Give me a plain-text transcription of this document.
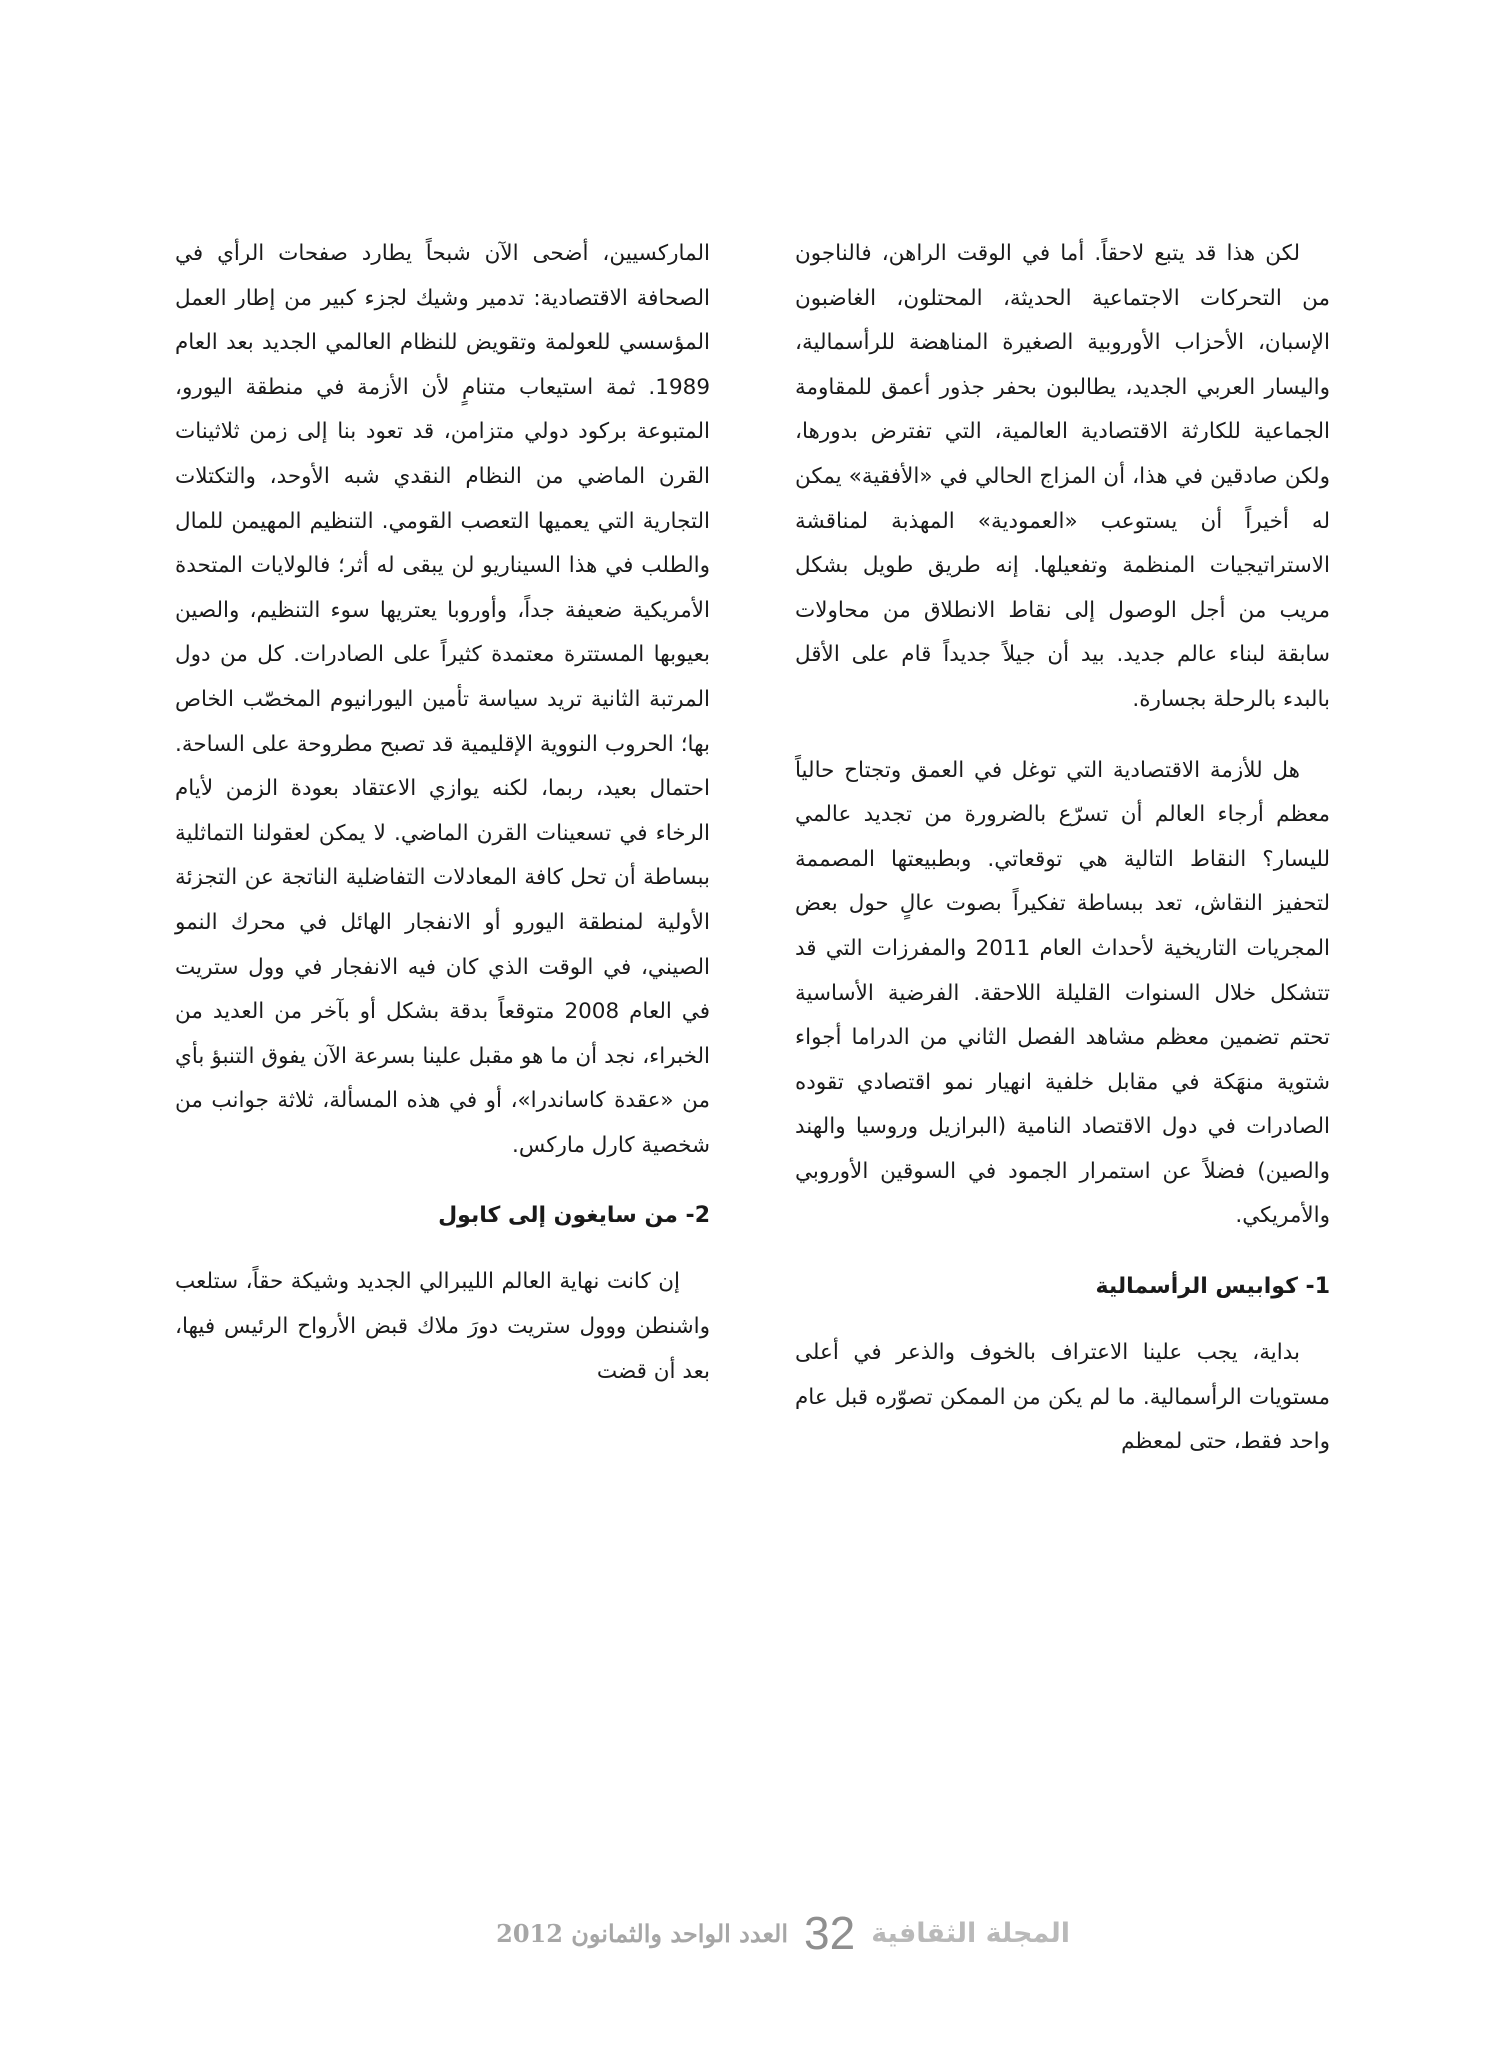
لكن هذا قد يتبع لاحقاً. أما في الوقت الراهن، فالناجون من التحركات الاجتماعية الحديثة، المحتلون، الغاضبون الإسبان، الأحزاب الأوروبية الصغيرة المناهضة للرأسمالية، واليسار العربي الجديد، يطالبون بحفر جذور أعمق للمقاومة الجماعية للكارثة الاقتصادية العالمية، التي تفترض بدورها، ولكن صادقين في هذا، أن المزاج الحالي في «الأفقية» يمكن له أخيراً أن يستوعب «العمودية» المهذبة لمناقشة الاستراتيجيات المنظمة وتفعيلها. إنه طريق طويل بشكل مريب من أجل الوصول إلى نقاط الانطلاق من محاولات سابقة لبناء عالم جديد. بيد أن جيلاً جديداً قام على الأقل بالبدء بالرحلة بجسارة.

هل للأزمة الاقتصادية التي توغل في العمق وتجتاح حالياً معظم أرجاء العالم أن تسرّع بالضرورة من تجديد عالمي لليسار؟ النقاط التالية هي توقعاتي. وبطبيعتها المصممة لتحفيز النقاش، تعد ببساطة تفكيراً بصوت عالٍ حول بعض المجريات التاريخية لأحداث العام 2011 والمفرزات التي قد تتشكل خلال السنوات القليلة اللاحقة. الفرضية الأساسية تحتم تضمين معظم مشاهد الفصل الثاني من الدراما أجواء شتوية منهَكة في مقابل خلفية انهيار نمو اقتصادي تقوده الصادرات في دول الاقتصاد النامية (البرازيل وروسيا والهند والصين) فضلاً عن استمرار الجمود في السوقين الأوروبي والأمريكي.

1- كوابيس الرأسمالية

بداية، يجب علينا الاعتراف بالخوف والذعر في أعلى مستويات الرأسمالية. ما لم يكن من الممكن تصوّره قبل عام واحد فقط، حتى لمعظم

الماركسيين، أضحى الآن شبحاً يطارد صفحات الرأي في الصحافة الاقتصادية: تدمير وشيك لجزء كبير من إطار العمل المؤسسي للعولمة وتقويض للنظام العالمي الجديد بعد العام 1989. ثمة استيعاب متنامٍ لأن الأزمة في منطقة اليورو، المتبوعة بركود دولي متزامن، قد تعود بنا إلى زمن ثلاثينات القرن الماضي من النظام النقدي شبه الأوحد، والتكتلات التجارية التي يعميها التعصب القومي. التنظيم المهيمن للمال والطلب في هذا السيناريو لن يبقى له أثر؛ فالولايات المتحدة الأمريكية ضعيفة جداً، وأوروبا يعتريها سوء التنظيم، والصين بعيوبها المستترة معتمدة كثيراً على الصادرات. كل من دول المرتبة الثانية تريد سياسة تأمين اليورانيوم المخصّب الخاص بها؛ الحروب النووية الإقليمية قد تصبح مطروحة على الساحة. احتمال بعيد، ربما، لكنه يوازي الاعتقاد بعودة الزمن لأيام الرخاء في تسعينات القرن الماضي. لا يمكن لعقولنا التماثلية ببساطة أن تحل كافة المعادلات التفاضلية الناتجة عن التجزئة الأولية لمنطقة اليورو أو الانفجار الهائل في محرك النمو الصيني، في الوقت الذي كان فيه الانفجار في وول ستريت في العام 2008 متوقعاً بدقة بشكل أو بآخر من العديد من الخبراء، نجد أن ما هو مقبل علينا بسرعة الآن يفوق التنبؤ بأي من «عقدة كاساندرا»، أو في هذه المسألة، ثلاثة جوانب من شخصية كارل ماركس.

2- من سايغون إلى كابول

إن كانت نهاية العالم الليبرالي الجديد وشيكة حقاً، ستلعب واشنطن ووول ستريت دورَ ملاك قبض الأرواح الرئيس فيها، بعد أن قضت

المجلة الثقافية
32
العدد الواحد والثمانون 2012
